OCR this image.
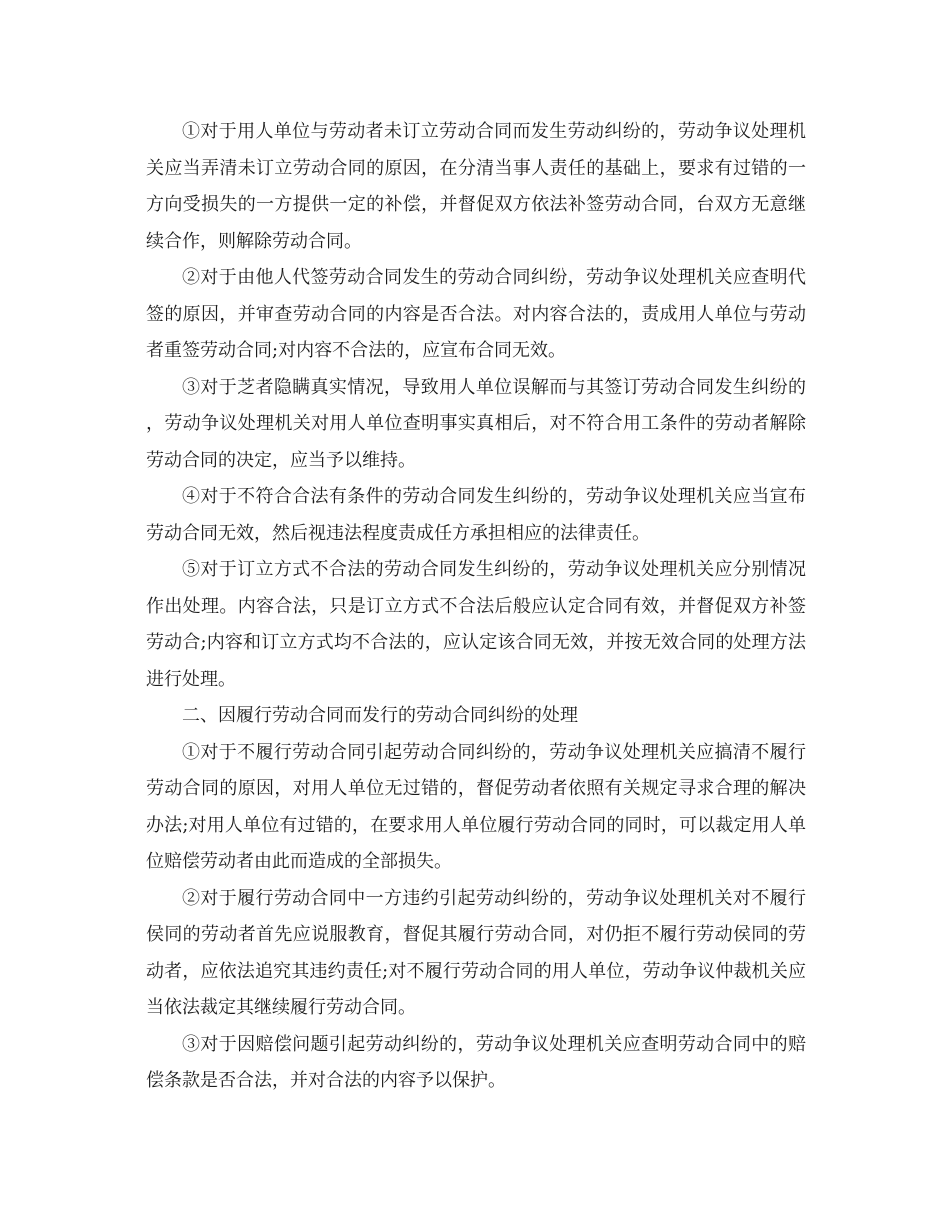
①对于用人单位与劳动者未订立劳动合同而发生劳动纠纷的，劳动争议处理机关应当弄清未订立劳动合同的原因，在分清当事人责任的基础上，要求有过错的一方向受损失的一方提供一定的补偿，并督促双方依法补签劳动合同，台双方无意继续合作，则解除劳动合同。

②对于由他人代签劳动合同发生的劳动合同纠纷，劳动争议处理机关应查明代签的原因，并审查劳动合同的内容是否合法。对内容合法的，责成用人单位与劳动者重签劳动合同;对内容不合法的，应宣布合同无效。

③对于芝者隐瞒真实情况，导致用人单位误解而与其签订劳动合同发生纠纷的，劳动争议处理机关对用人单位查明事实真相后，对不符合用工条件的劳动者解除劳动合同的决定，应当予以维持。

④对于不符合合法有条件的劳动合同发生纠纷的，劳动争议处理机关应当宣布劳动合同无效，然后视违法程度责成任方承担相应的法律责任。

⑤对于订立方式不合法的劳动合同发生纠纷的，劳动争议处理机关应分别情况作出处理。内容合法，只是订立方式不合法后般应认定合同有效，并督促双方补签劳动合;内容和订立方式均不合法的，应认定该合同无效，并按无效合同的处理方法进行处理。

二、因履行劳动合同而发行的劳动合同纠纷的处理

①对于不履行劳动合同引起劳动合同纠纷的，劳动争议处理机关应搞清不履行劳动合同的原因，对用人单位无过错的，督促劳动者依照有关规定寻求合理的解决办法;对用人单位有过错的，在要求用人单位履行劳动合同的同时，可以裁定用人单位赔偿劳动者由此而造成的全部损失。

②对于履行劳动合同中一方违约引起劳动纠纷的，劳动争议处理机关对不履行侯同的劳动者首先应说服教育，督促其履行劳动合同，对仍拒不履行劳动侯同的劳动者，应依法追究其违约责任;对不履行劳动合同的用人单位，劳动争议仲裁机关应当依法裁定其继续履行劳动合同。

③对于因赔偿问题引起劳动纠纷的，劳动争议处理机关应查明劳动合同中的赔偿条款是否合法，并对合法的内容予以保护。
